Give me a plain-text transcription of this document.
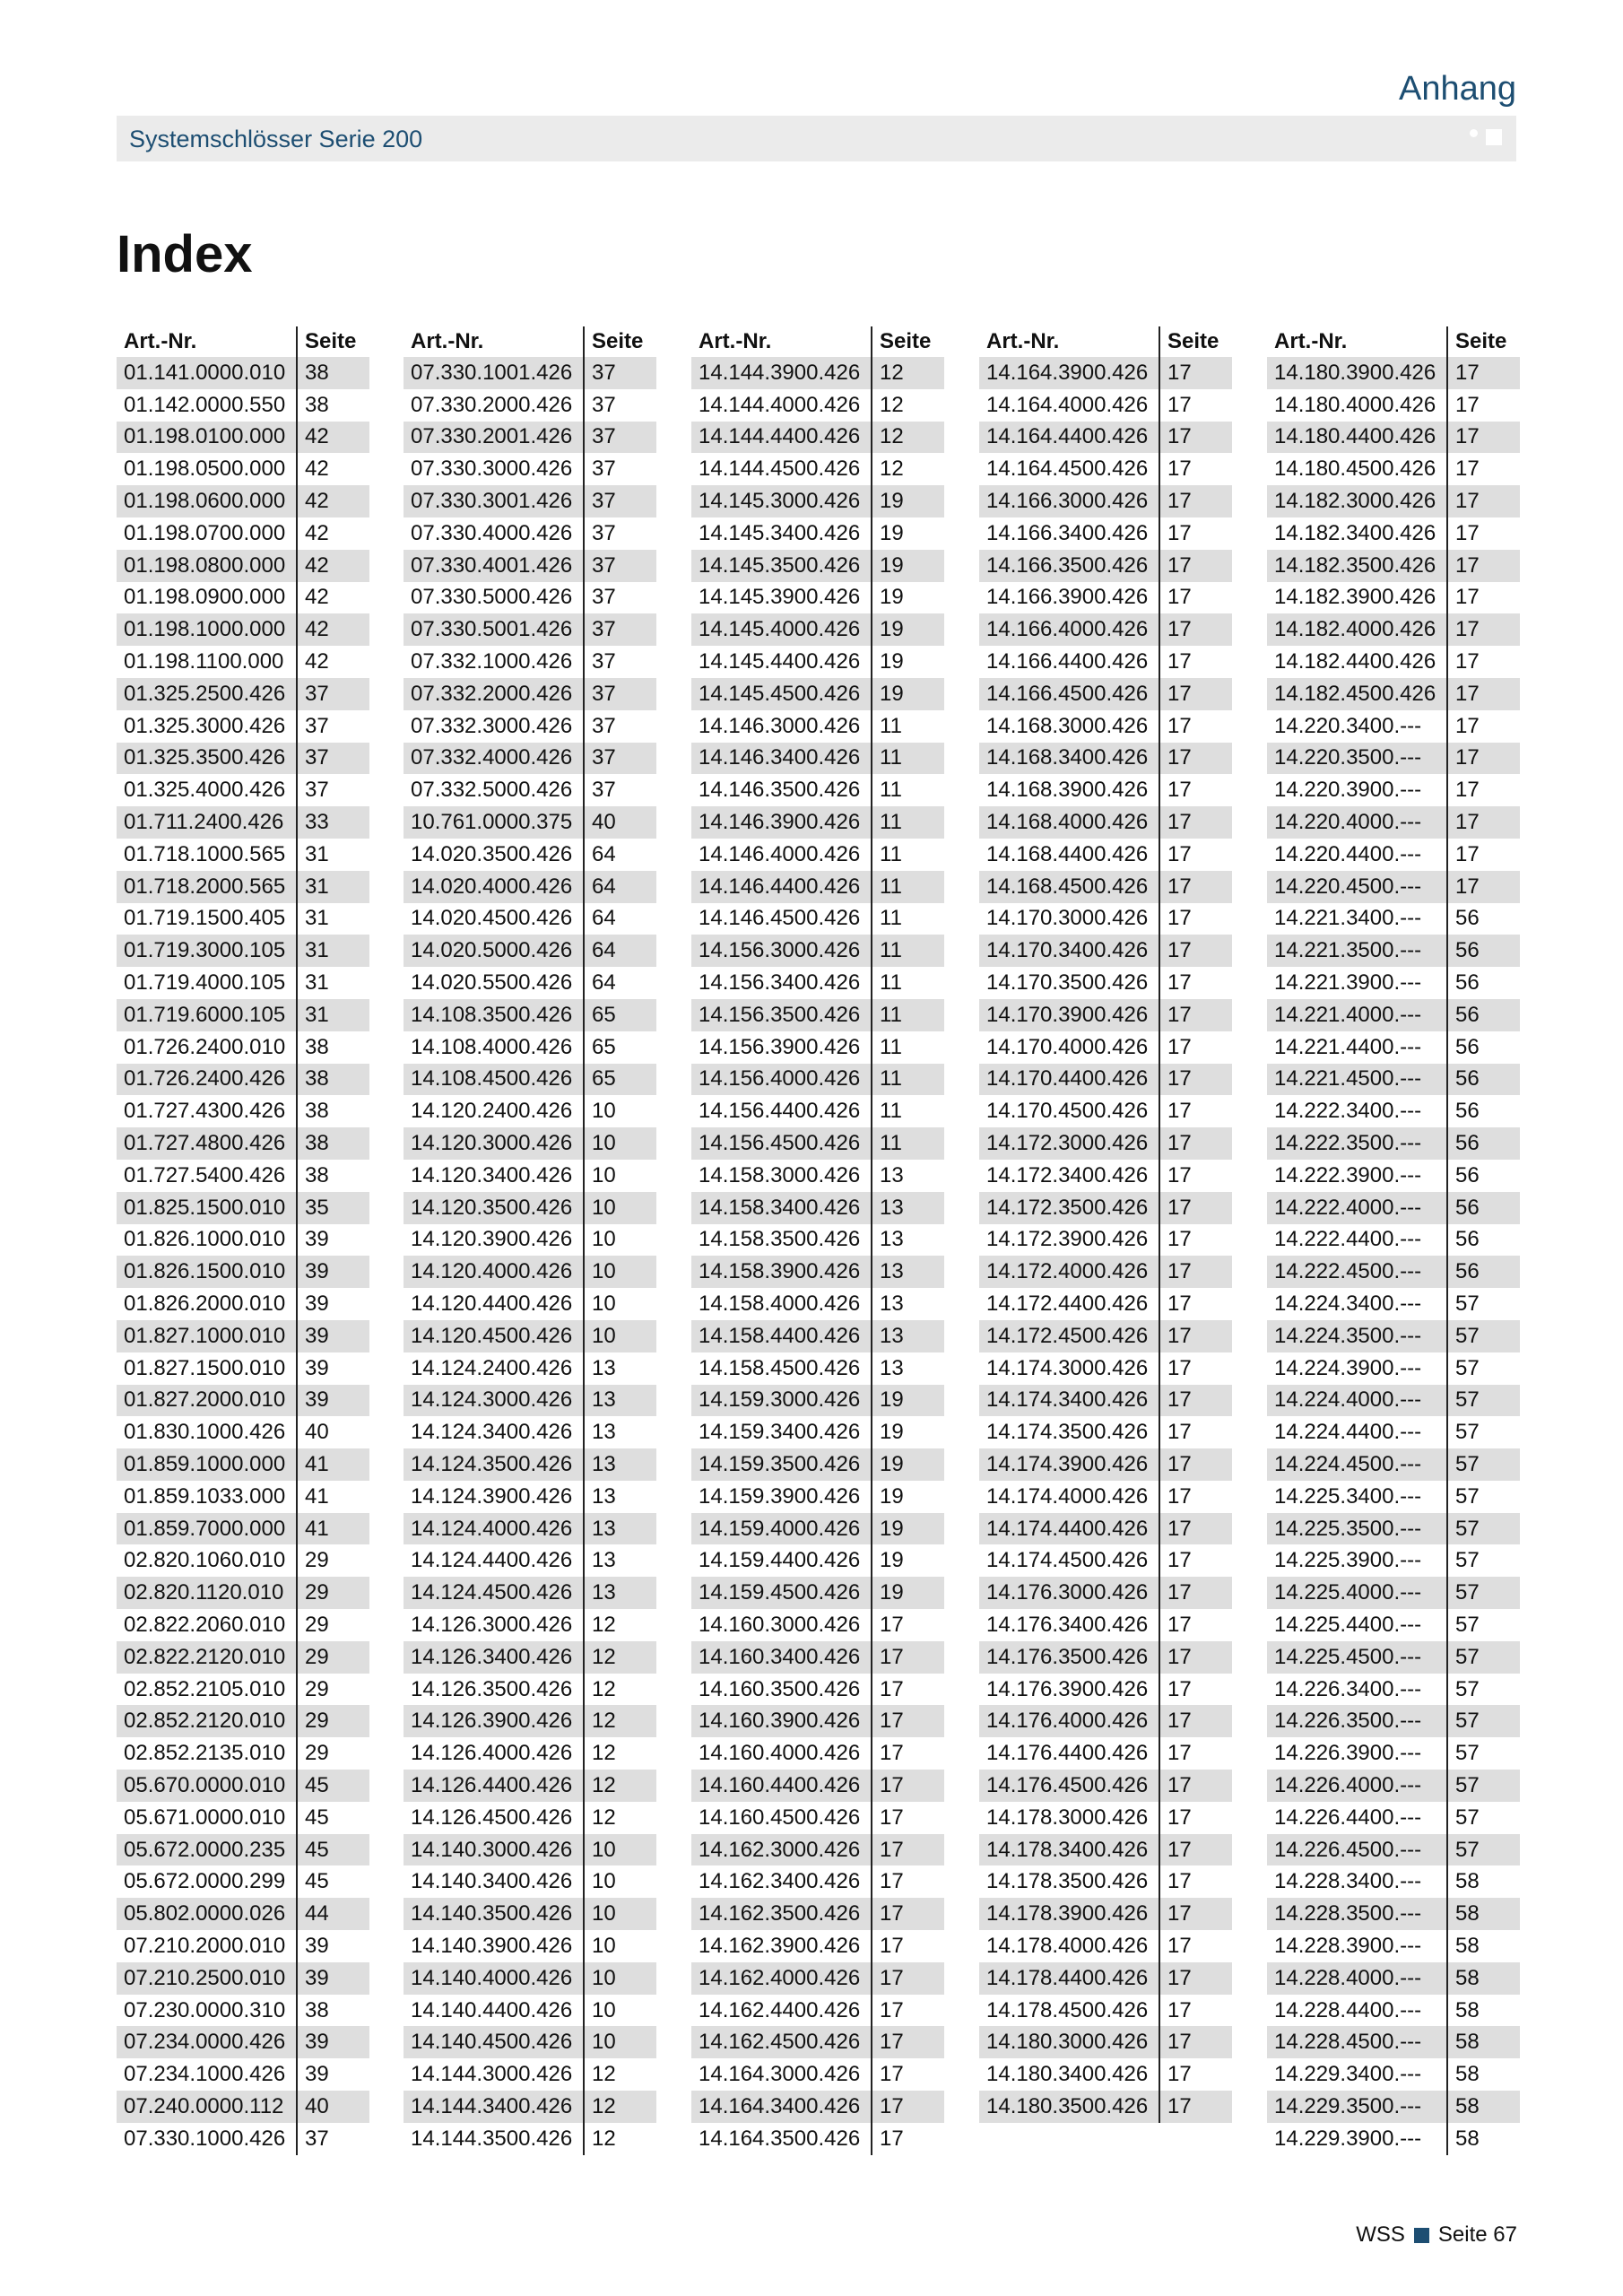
Anhang
Systemschlösser Serie 200
Index
Art.-Nr.	Seite
01.141.0000.010 38
01.142.0000.550 38
01.198.0100.000 42
01.198.0500.000 42
01.198.0600.000 42
01.198.0700.000 42
01.198.0800.000 42
01.198.0900.000 42
01.198.1000.000 42
01.198.1100.000 42
01.325.2500.426 37
01.325.3000.426 37
01.325.3500.426 37
01.325.4000.426 37
01.711.2400.426 33
01.718.1000.565 31
01.718.2000.565 31
01.719.1500.405 31
01.719.3000.105 31
01.719.4000.105 31
01.719.6000.105 31
01.726.2400.010 38
01.726.2400.426 38
01.727.4300.426 38
01.727.4800.426 38
01.727.5400.426 38
01.825.1500.010 35
01.826.1000.010 39
01.826.1500.010 39
01.826.2000.010 39
01.827.1000.010 39
01.827.1500.010 39
01.827.2000.010 39
01.830.1000.426 40
01.859.1000.000 41
01.859.1033.000 41
01.859.7000.000 41
02.820.1060.010 29
02.820.1120.010 29
02.822.2060.010 29
02.822.2120.010 29
02.852.2105.010 29
02.852.2120.010 29
02.852.2135.010 29
05.670.0000.010 45
05.671.0000.010 45
05.672.0000.235 45
05.672.0000.299 45
05.802.0000.026 44
07.210.2000.010 39
07.210.2500.010 39
07.230.0000.310 38
07.234.0000.426 39
07.234.1000.426 39
07.240.0000.112 40
07.330.1000.426 37
Art.-Nr.	Seite
07.330.1001.426 37
07.330.2000.426 37
07.330.2001.426 37
07.330.3000.426 37
07.330.3001.426 37
07.330.4000.426 37
07.330.4001.426 37
07.330.5000.426 37
07.330.5001.426 37
07.332.1000.426 37
07.332.2000.426 37
07.332.3000.426 37
07.332.4000.426 37
07.332.5000.426 37
10.761.0000.375 40
14.020.3500.426 64
14.020.4000.426 64
14.020.4500.426 64
14.020.5000.426 64
14.020.5500.426 64
14.108.3500.426 65
14.108.4000.426 65
14.108.4500.426 65
14.120.2400.426 10
14.120.3000.426 10
14.120.3400.426 10
14.120.3500.426 10
14.120.3900.426 10
14.120.4000.426 10
14.120.4400.426 10
14.120.4500.426 10
14.124.2400.426 13
14.124.3000.426 13
14.124.3400.426 13
14.124.3500.426 13
14.124.3900.426 13
14.124.4000.426 13
14.124.4400.426 13
14.124.4500.426 13
14.126.3000.426 12
14.126.3400.426 12
14.126.3500.426 12
14.126.3900.426 12
14.126.4000.426 12
14.126.4400.426 12
14.126.4500.426 12
14.140.3000.426 10
14.140.3400.426 10
14.140.3500.426 10
14.140.3900.426 10
14.140.4000.426 10
14.140.4400.426 10
14.140.4500.426 10
14.144.3000.426 12
14.144.3400.426 12
14.144.3500.426 12
Art.-Nr.	Seite
14.144.3900.426 12
14.144.4000.426 12
14.144.4400.426 12
14.144.4500.426 12
14.145.3000.426 19
14.145.3400.426 19
14.145.3500.426 19
14.145.3900.426 19
14.145.4000.426 19
14.145.4400.426 19
14.145.4500.426 19
14.146.3000.426 11
14.146.3400.426 11
14.146.3500.426 11
14.146.3900.426 11
14.146.4000.426 11
14.146.4400.426 11
14.146.4500.426 11
14.156.3000.426 11
14.156.3400.426 11
14.156.3500.426 11
14.156.3900.426 11
14.156.4000.426 11
14.156.4400.426 11
14.156.4500.426 11
14.158.3000.426 13
14.158.3400.426 13
14.158.3500.426 13
14.158.3900.426 13
14.158.4000.426 13
14.158.4400.426 13
14.158.4500.426 13
14.159.3000.426 19
14.159.3400.426 19
14.159.3500.426 19
14.159.3900.426 19
14.159.4000.426 19
14.159.4400.426 19
14.159.4500.426 19
14.160.3000.426 17
14.160.3400.426 17
14.160.3500.426 17
14.160.3900.426 17
14.160.4000.426 17
14.160.4400.426 17
14.160.4500.426 17
14.162.3000.426 17
14.162.3400.426 17
14.162.3500.426 17
14.162.3900.426 17
14.162.4000.426 17
14.162.4400.426 17
14.162.4500.426 17
14.164.3000.426 17
14.164.3400.426 17
14.164.3500.426 17
Art.-Nr.	Seite
14.164.3900.426 17
14.164.4000.426 17
14.164.4400.426 17
14.164.4500.426 17
14.166.3000.426 17
14.166.3400.426 17
14.166.3500.426 17
14.166.3900.426 17
14.166.4000.426 17
14.166.4400.426 17
14.166.4500.426 17
14.168.3000.426 17
14.168.3400.426 17
14.168.3900.426 17
14.168.4000.426 17
14.168.4400.426 17
14.168.4500.426 17
14.170.3000.426 17
14.170.3400.426 17
14.170.3500.426 17
14.170.3900.426 17
14.170.4000.426 17
14.170.4400.426 17
14.170.4500.426 17
14.172.3000.426 17
14.172.3400.426 17
14.172.3500.426 17
14.172.3900.426 17
14.172.4000.426 17
14.172.4400.426 17
14.172.4500.426 17
14.174.3000.426 17
14.174.3400.426 17
14.174.3500.426 17
14.174.3900.426 17
14.174.4000.426 17
14.174.4400.426 17
14.174.4500.426 17
14.176.3000.426 17
14.176.3400.426 17
14.176.3500.426 17
14.176.3900.426 17
14.176.4000.426 17
14.176.4400.426 17
14.176.4500.426 17
14.178.3000.426 17
14.178.3400.426 17
14.178.3500.426 17
14.178.3900.426 17
14.178.4000.426 17
14.178.4400.426 17
14.178.4500.426 17
14.180.3000.426 17
14.180.3400.426 17
14.180.3500.426 17
Art.-Nr.	Seite
14.180.3900.426 17
14.180.4000.426 17
14.180.4400.426 17
14.180.4500.426 17
14.182.3000.426 17
14.182.3400.426 17
14.182.3500.426 17
14.182.3900.426 17
14.182.4000.426 17
14.182.4400.426 17
14.182.4500.426 17
14.220.3400.---	17
14.220.3500.---	17
14.220.3900.---	17
14.220.4000.---	17
14.220.4400.---	17
14.220.4500.---	17
14.221.3400.---	56
14.221.3500.---	56
14.221.3900.---	56
14.221.4000.---	56
14.221.4400.---	56
14.221.4500.---	56
14.222.3400.---	56
14.222.3500.---	56
14.222.3900.---	56
14.222.4000.---	56
14.222.4400.---	56
14.222.4500.---	56
14.224.3400.---	57
14.224.3500.---	57
14.224.3900.---	57
14.224.4000.---	57
14.224.4400.---	57
14.224.4500.---	57
14.225.3400.---	57
14.225.3500.---	57
14.225.3900.---	57
14.225.4000.---	57
14.225.4400.---	57
14.225.4500.---	57
14.226.3400.---	57
14.226.3500.---	57
14.226.3900.---	57
14.226.4000.---	57
14.226.4400.---	57
14.226.4500.---	57
14.228.3400.---	58
14.228.3500.---	58
14.228.3900.---	58
14.228.4000.---	58
14.228.4400.---	58
14.228.4500.---	58
14.229.3400.---	58
14.229.3500.---	58
14.229.3900.---	58
WSS Seite 67
